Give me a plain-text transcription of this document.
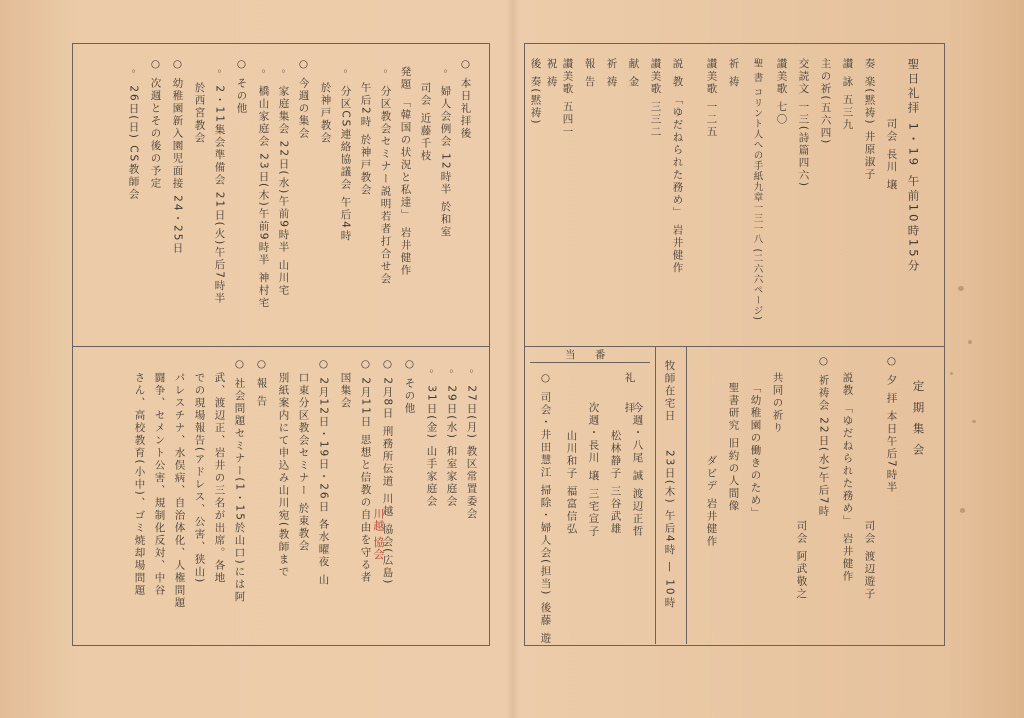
聖日礼拝 1・19 午前10時15分
司会 長川 壌
奏 楽(黙祷) 井原淑子
讃 詠 五三九
主の祈(五六四)
交読文 一三(詩篇四六)
讃美歌 七〇
聖 書 コリント人への手紙九章一三一八 (二六六ページ)
祈 祷
讃美歌 一二五
説 教 「ゆだねられた務め」 岩井健作
讃美歌 三三二
献 金
祈 祷
報 告
讃美歌 五四一
祝 祷
後 奏(黙祷)
定 期 集 会
○ 夕 拝 本日午后7時半
説教 「ゆだねられた務め」 岩井健作 司会 渡辺遊子
○ 祈祷会 22日(水)午后7時
司会 阿武敬之
共同の祈り
「幼稚園の働きのため」
聖書研究 旧約の人間像
ダビデ 岩井健作
牧師在宅日
23日(木) 午后4時 — 10時
当 番
礼 拝
今週・八尾 誠 渡辺正哲
松林静子 三谷武雄
次週・長川 壌 三宅宣子
山川和子 福富信弘
○ 司会・井田慧江 掃除・婦人会(担当) 後藤 遊
○ 本日礼拝後
◦ 婦人会例会 12時半 於和室
司会 近藤千枝
発題 「韓国の状況と私達」 岩井健作
◦ 分区教会セミナー説明若者打合せ会
午后2時 於神戸教会
◦ 分区CS連絡協議会 午后4時
於神戸教会
○ 今週の集会
◦ 家庭集会 22日(水)午前9時半 山川宅
◦ 橋山家庭会 23日(木)午前9時半 神村宅
○ その他
◦ 2・11集会準備会 21日(火)午后7時半
於西宮教会
○ 幼稚園新入園児面接 24・25日
○ 次週とその後の予定
◦ 26日(日) CS教師会
◦ 27日(月) 教区常置委会
◦ 29日(水) 和室家庭会
◦ 31日(金) 山手家庭会
○ その他
○ 2月8日 刑務所伝道 川越 協会(広島)
○ 2月11日 思想と信教の自由を守る者
国集会
○ 2月12日・19日・26日 各水曜夜 山
口東分区教会セミナー 於東教会
別紙案内にて申込み山川宛(教師まで
○ 報 告
○ 社会問題セミナー(1・15於山口)には阿
武、渡辺正、岩井の三名が出席。各地
での現場報告(アドレス、公害、狭山)
パレスチナ、水俣病、自治体化、人権問題
闘争、セメント公害、規制化反対、中谷
さん、高校教育(小中)、ゴミ焼却場問題	川越 協会
